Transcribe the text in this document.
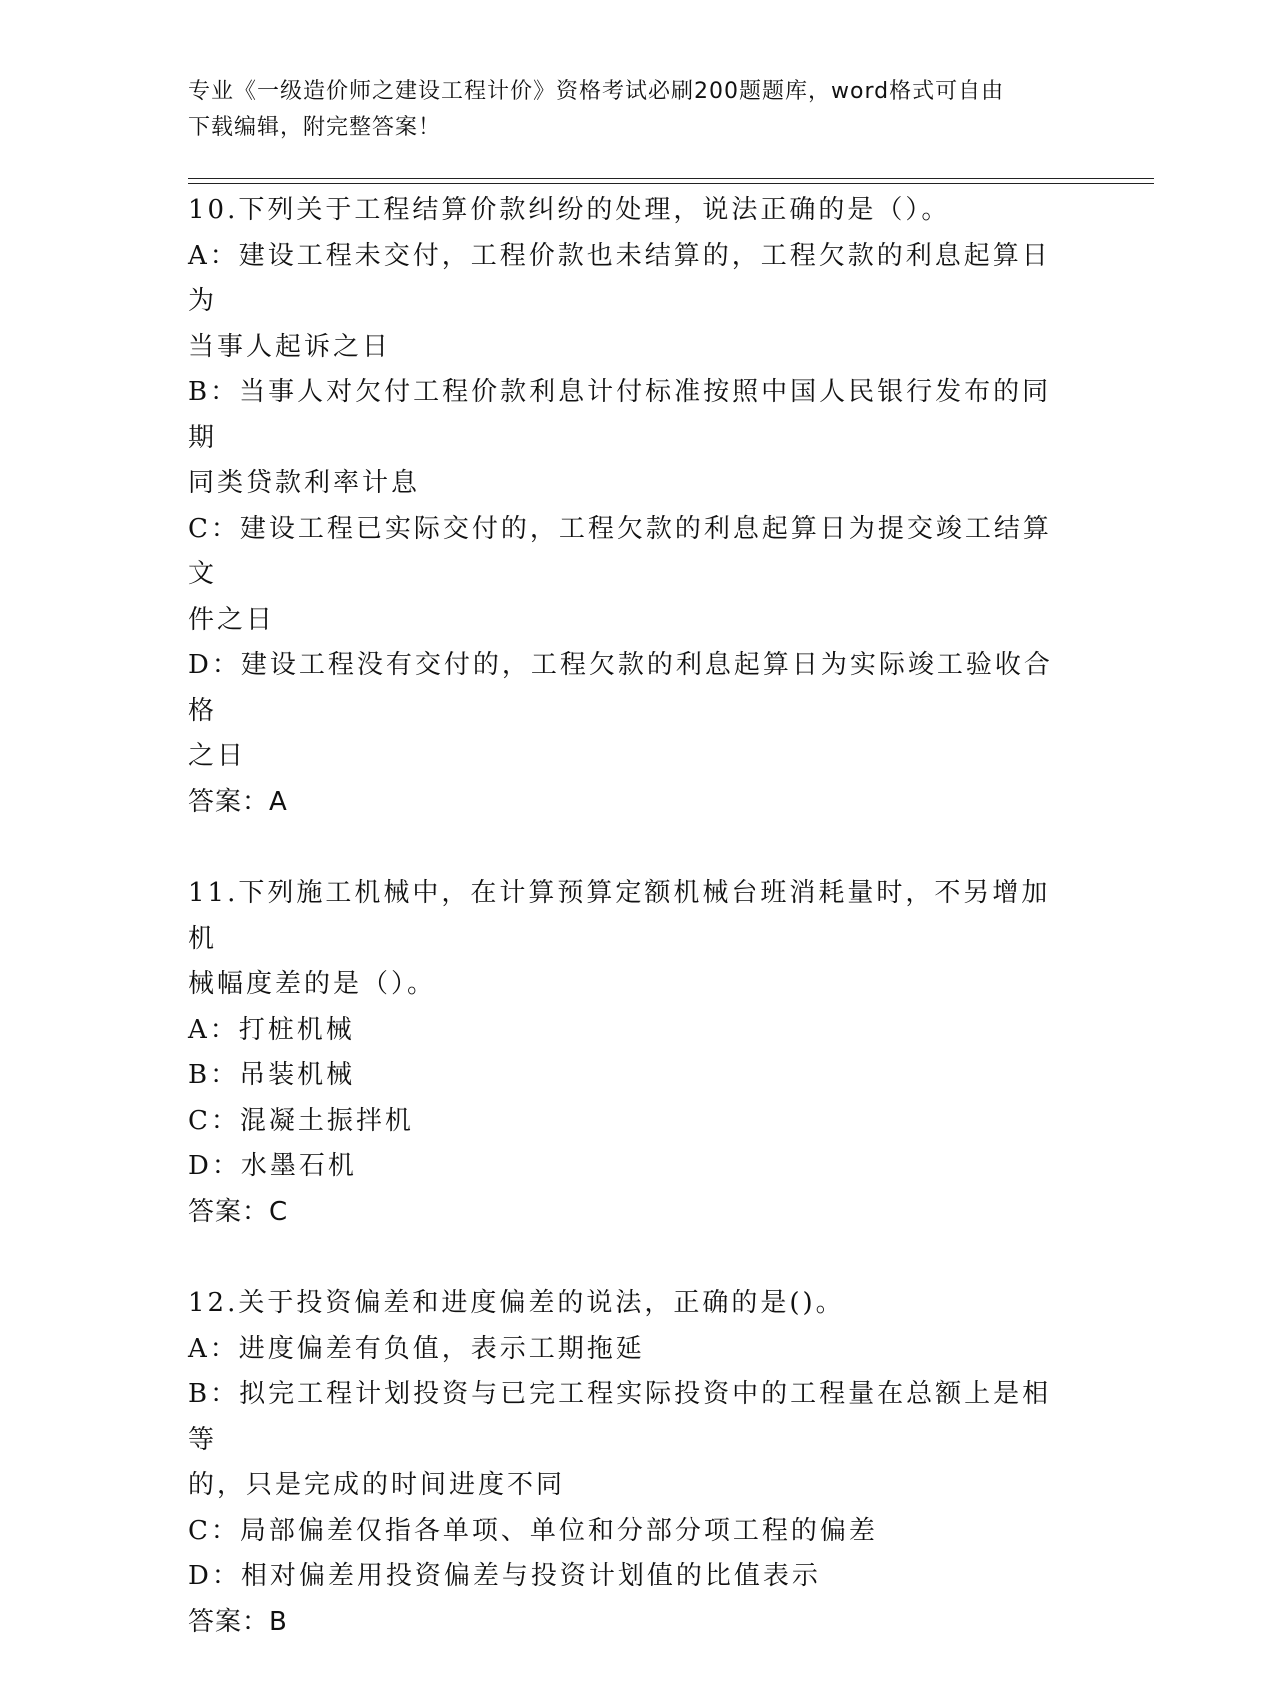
专业《一级造价师之建设工程计价》资格考试必刷200题题库，word格式可自由
下载编辑，附完整答案！
10.下列关于工程结算价款纠纷的处理，说法正确的是（）。
A：建设工程未交付，工程价款也未结算的，工程欠款的利息起算日为
当事人起诉之日
B：当事人对欠付工程价款利息计付标准按照中国人民银行发布的同期
同类贷款利率计息
C：建设工程已实际交付的，工程欠款的利息起算日为提交竣工结算文
件之日
D：建设工程没有交付的，工程欠款的利息起算日为实际竣工验收合格
之日
答案：A
11.下列施工机械中，在计算预算定额机械台班消耗量时，不另增加机
械幅度差的是（）。
A：打桩机械
B：吊装机械
C：混凝土振拌机
D：水墨石机
答案：C
12.关于投资偏差和进度偏差的说法，正确的是()。
A：进度偏差有负值，表示工期拖延
B：拟完工程计划投资与已完工程实际投资中的工程量在总额上是相等
的，只是完成的时间进度不同
C：局部偏差仅指各单项、单位和分部分项工程的偏差
D：相对偏差用投资偏差与投资计划值的比值表示
答案：B
